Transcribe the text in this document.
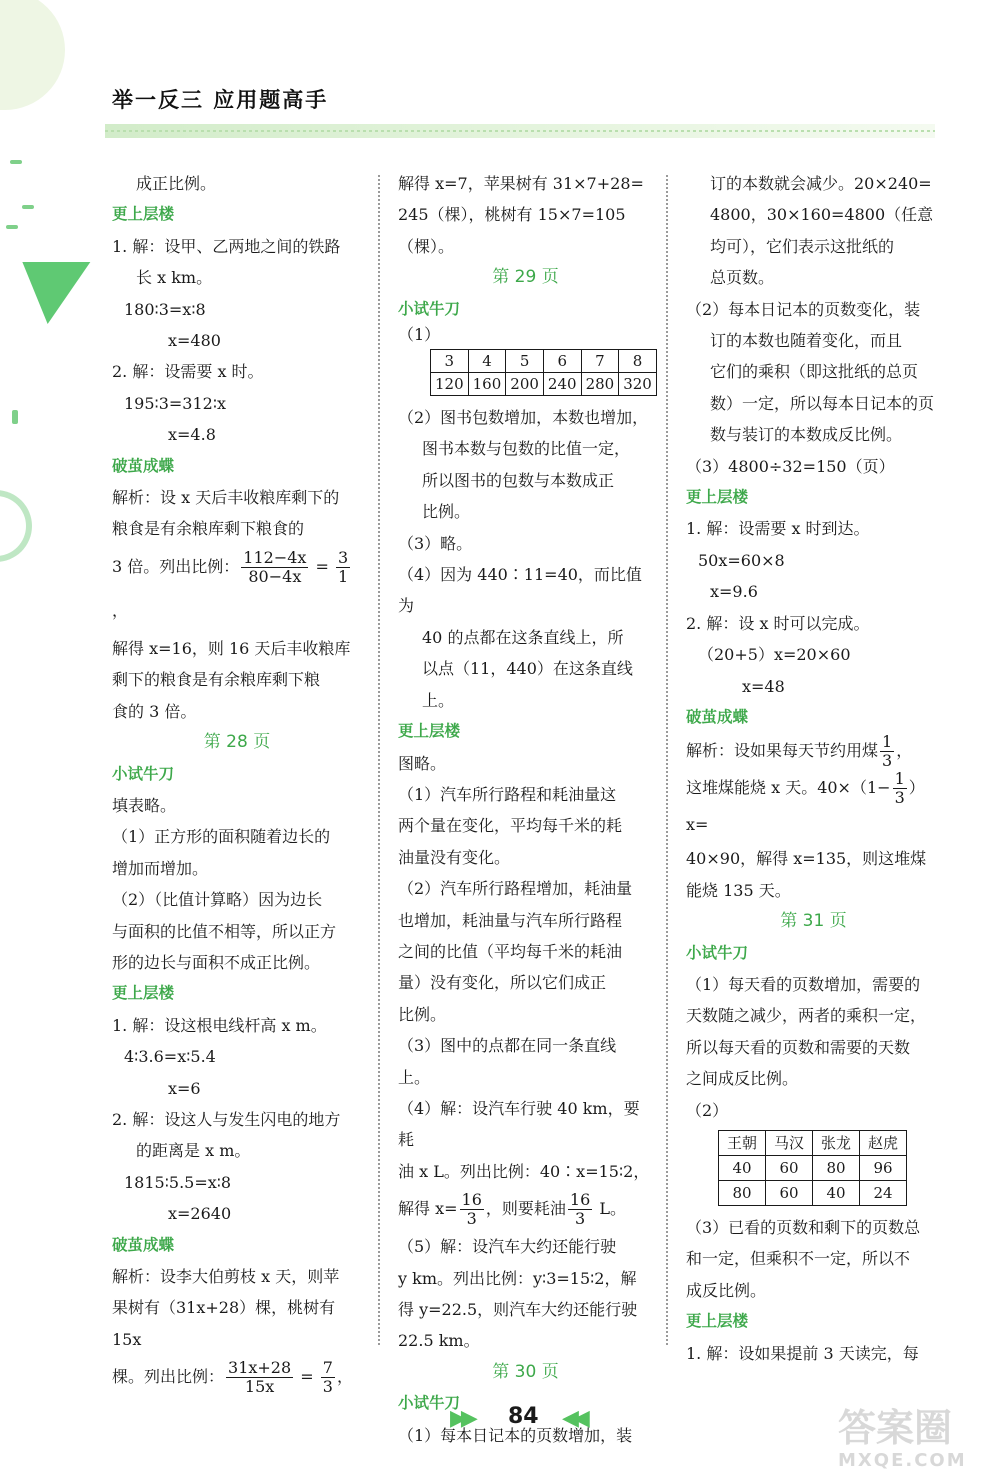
举一反三 应用题高手

成正比例。

更上层楼

1. 解：设甲、乙两地之间的铁路

长 x km。

180∶3=x∶8

x=480

2. 解：设需要 x 时。

195∶3=312∶x

x=4.8

破茧成蝶

解析：设 x 天后丰收粮库剩下的

粮食是有余粮库剩下粮食的

3 倍。列出比例： $\frac{112-4x}{80-4x} = \frac{3}{1}$
，

解得 x=16，则 16 天后丰收粮库

剩下的粮食是有余粮库剩下粮

食的 3 倍。

第 28 页

小试牛刀

填表略。

（1）正方形的面积随着边长的

增加而增加。

（2）（比值计算略）因为边长

与面积的比值不相等，所以正方

形的边长与面积不成正比例。

更上层楼

1. 解：设这根电线杆高 x m。

4∶3.6=x∶5.4

x=6

2. 解：设这人与发生闪电的地方

的距离是 x m。

1815∶5.5=x∶8

x=2640

破茧成蝶

解析：设李大伯剪枝 x 天，则苹

果树有（31x+28）棵，桃树有 15x

棵。列出比例： $\frac{31x+28}{15x} = \frac{7}{3}$ ，

解得 x=7，苹果树有 31×7+28=

245（棵），桃树有 15×7=105（棵）。

第 29 页

小试牛刀

（1）

3	4	5	6	7	8
120	160	200	240	280	320

（2）图书包数增加，本数也增加，

图书本数与包数的比值一定，

所以图书的包数与本数成正

比例。

（3）略。

（4）因为 440∶11=40，而比值为

40 的点都在这条直线上，所

以点（11，440）在这条直线上。

更上层楼

图略。

（1）汽车所行路程和耗油量这

两个量在变化，平均每千米的耗

油量没有变化。

（2）汽车所行路程增加，耗油量

也增加，耗油量与汽车所行路程

之间的比值（平均每千米的耗油

量）没有变化，所以它们成正

比例。

（3）图中的点都在同一条直线

上。

（4）解：设汽车行驶 40 km，要耗

油 x L。列出比例：40∶x=15∶2，

解得 $x= \frac{16}{3}$ ，则要耗油 $\frac{16}{3}$ L。

（5）解：设汽车大约还能行驶

y km。列出比例：y∶3=15∶2，解

得 y=22.5，则汽车大约还能行驶

22.5 km。

第 30 页

小试牛刀

（1）每本日记本的页数增加，装

订的本数就会减少。20×240=

4800，30×160=4800（任意

均可），它们表示这批纸的

总页数。

（2）每本日记本的页数变化，装

订的本数也随着变化，而且

它们的乘积（即这批纸的总页

数）一定，所以每本日记本的页

数与装订的本数成反比例。

（3）4800÷32=150（页）

更上层楼

1. 解：设需要 x 时到达。

50x=60×8

x=9.6

2. 解：设 x 时可以完成。

（20+5）x=20×60

x=48

破茧成蝶

解析：设如果每天节约用煤 $\frac{1}{3}$ ，

这堆煤能烧 x 天。$40\times(1- \frac{1}{3} )x=$

40×90，解得 x=135，则这堆煤

能烧 135 天。

第 31 页

小试牛刀

（1）每天看的页数增加，需要的

天数随之减少，两者的乘积一定，

所以每天看的页数和需要的天数

之间成反比例。

（2）

王朝	马汉	张龙	赵虎
40	60	80	96
80	60	40	24

（3）已看的页数和剩下的页数总

和一定，但乘积不一定，所以不

成反比例。

更上层楼

1. 解：设如果提前 3 天读完，每

▶▶ 84 ◀◀	答案圈
MXQE.COM
